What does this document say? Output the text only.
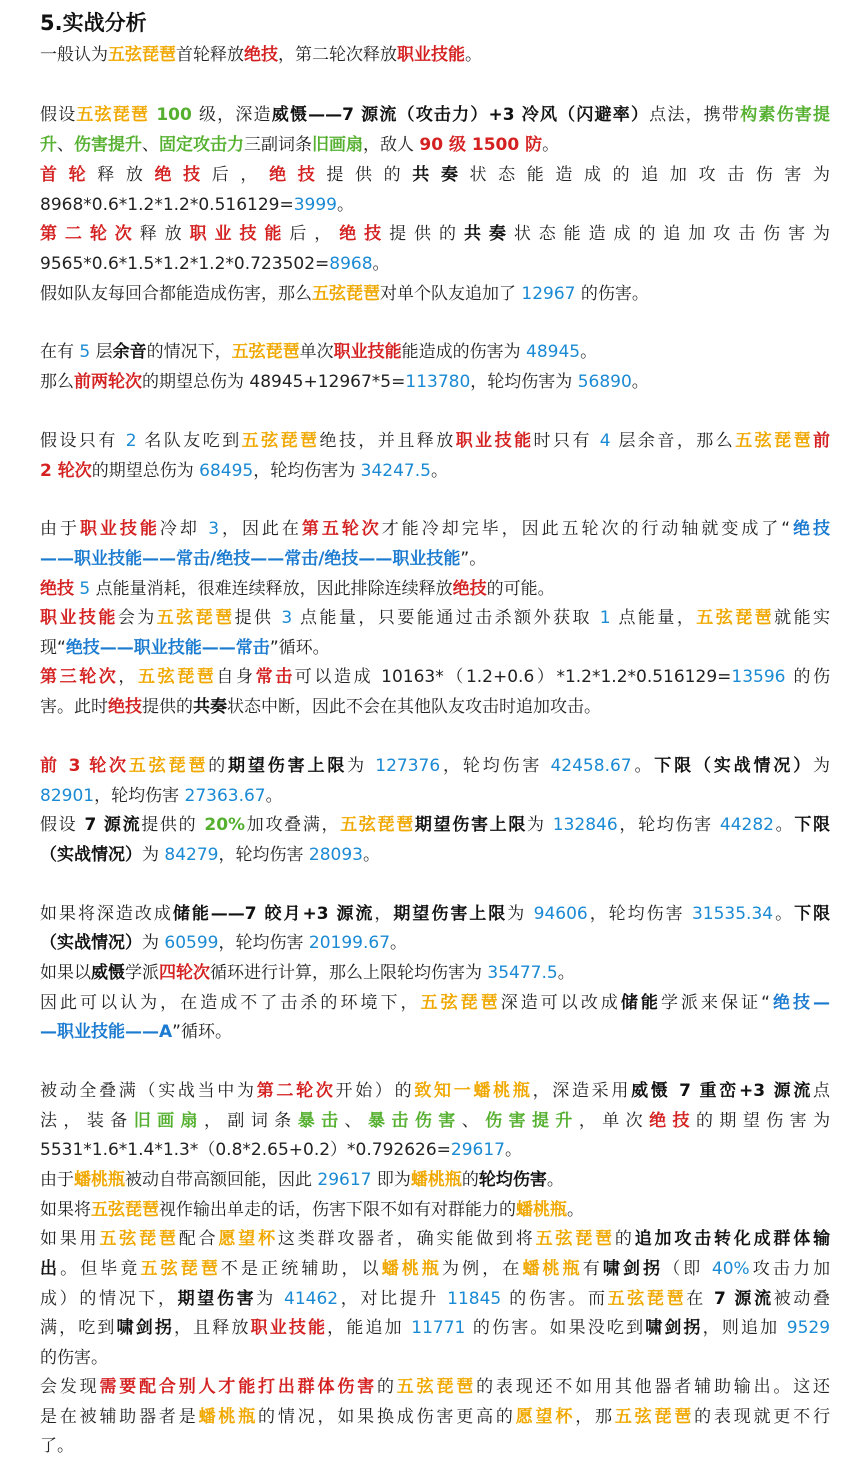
5.实战分析
一般认为五弦琵琶首轮释放绝技，第二轮次释放职业技能。
假设五弦琵琶 100 级，深造威慑——7 源流（攻击力）+3 冷风（闪避率）点法，携带构素伤害提
升、伤害提升、固定攻击力三副词条旧画扇，敌人 90 级 1500 防。
首轮释放绝技后，绝技提供的共奏状态能造成的追加攻击伤害为
8968*0.6*1.2*1.2*0.516129=3999。
第二轮次释放职业技能后，绝技提供的共奏状态能造成的追加攻击伤害为
9565*0.6*1.5*1.2*1.2*0.723502=8968。
假如队友每回合都能造成伤害，那么五弦琵琶对单个队友追加了 12967 的伤害。
在有 5 层余音的情况下，五弦琵琶单次职业技能能造成的伤害为 48945。
那么前两轮次的期望总伤为 48945+12967*5=113780，轮均伤害为 56890。
假设只有 2 名队友吃到五弦琵琶绝技，并且释放职业技能时只有 4 层余音，那么五弦琵琶前
2 轮次的期望总伤为 68495，轮均伤害为 34247.5。
由于职业技能冷却 3，因此在第五轮次才能冷却完毕，因此五轮次的行动轴就变成了“绝技
——职业技能——常击/绝技——常击/绝技——职业技能”。
绝技 5 点能量消耗，很难连续释放，因此排除连续释放绝技的可能。
职业技能会为五弦琵琶提供 3 点能量，只要能通过击杀额外获取 1 点能量，五弦琵琶就能实
现“绝技——职业技能——常击”循环。
第三轮次，五弦琵琶自身常击可以造成 10163*（1.2+0.6）*1.2*1.2*0.516129=13596 的伤
害。此时绝技提供的共奏状态中断，因此不会在其他队友攻击时追加攻击。
前 3 轮次五弦琵琶的期望伤害上限为 127376，轮均伤害 42458.67。下限（实战情况）为
82901，轮均伤害 27363.67。
假设 7 源流提供的 20%加攻叠满，五弦琵琶期望伤害上限为 132846，轮均伤害 44282。下限
（实战情况）为 84279，轮均伤害 28093。
如果将深造改成储能——7 皎月+3 源流，期望伤害上限为 94606，轮均伤害 31535.34。下限
（实战情况）为 60599，轮均伤害 20199.67。
如果以威慑学派四轮次循环进行计算，那么上限轮均伤害为 35477.5。
因此可以认为，在造成不了击杀的环境下，五弦琵琶深造可以改成储能学派来保证“绝技—
—职业技能——A”循环。
被动全叠满（实战当中为第二轮次开始）的致知一蟠桃瓶，深造采用威慑 7 重峦+3 源流点
法，装备旧画扇，副词条暴击、暴击伤害、伤害提升，单次绝技的期望伤害为
5531*1.6*1.4*1.3*（0.8*2.65+0.2）*0.792626=29617。
由于蟠桃瓶被动自带高额回能，因此 29617 即为蟠桃瓶的轮均伤害。
如果将五弦琵琶视作输出单走的话，伤害下限不如有对群能力的蟠桃瓶。
如果用五弦琵琶配合愿望杯这类群攻器者，确实能做到将五弦琵琶的追加攻击转化成群体输
出。但毕竟五弦琵琶不是正统辅助，以蟠桃瓶为例，在蟠桃瓶有啸剑拐（即 40%攻击力加
成）的情况下，期望伤害为 41462，对比提升 11845 的伤害。而五弦琵琶在 7 源流被动叠
满，吃到啸剑拐，且释放职业技能，能追加 11771 的伤害。如果没吃到啸剑拐，则追加 9529
的伤害。
会发现需要配合别人才能打出群体伤害的五弦琵琶的表现还不如用其他器者辅助输出。这还
是在被辅助器者是蟠桃瓶的情况，如果换成伤害更高的愿望杯，那五弦琵琶的表现就更不行
了。
